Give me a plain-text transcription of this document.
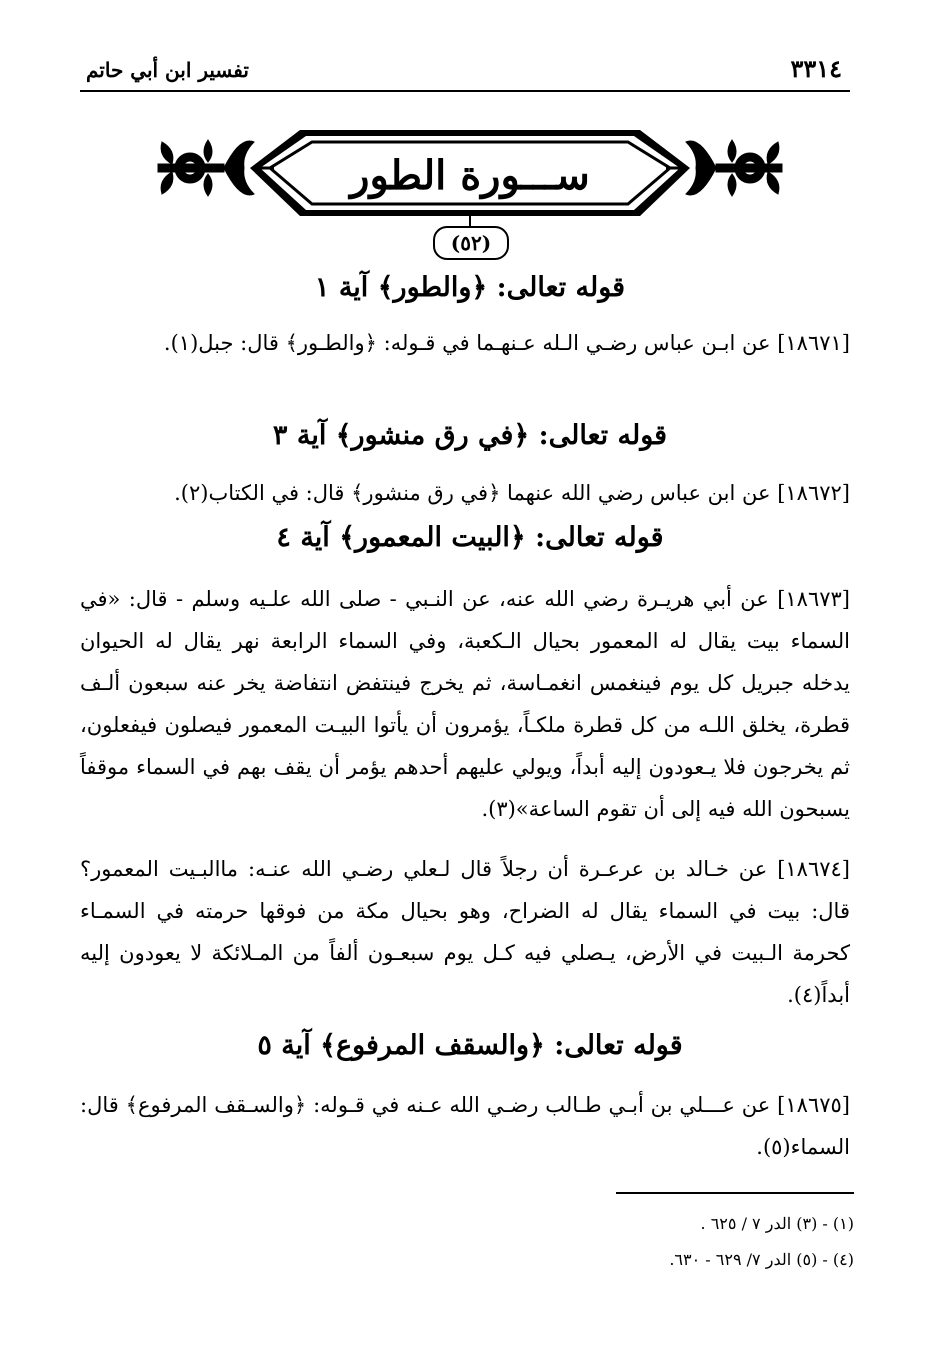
٣٣١٤
تفسير ابن أبي حاتم
ســـورة الطور
(٥٢)
قوله تعالى: ﴿والطور﴾ آية ١
[١٨٦٧١] عن ابـن عباس رضـي الـله عـنهـما في قـوله: ﴿والطـور﴾ قال: جبل(١).
قوله تعالى: ﴿في رق منشور﴾ آية ٣
[١٨٦٧٢] عن ابن عباس رضي الله عنهما ﴿في رق منشور﴾ قال: في الكتاب(٢).
قوله تعالى: ﴿البيت المعمور﴾ آية ٤
[١٨٦٧٣] عن أبي هريـرة رضي الله عنه، عن النـبي - صلى الله علـيه وسلم - قال: «في السماء بيت يقال له المعمور بحيال الـكعبة، وفي السماء الرابعة نهر يقال له الحيوان يدخله جبريل كل يوم فينغمس انغمـاسة، ثم يخرج فينتفض انتفاضة يخر عنه سبعون ألـف قطرة، يخلق اللـه من كل قطرة ملكـاً، يؤمرون أن يأتوا البيـت المعمور فيصلون فيفعلون، ثم يخرجون فلا يـعودون إليه أبداً، ويولي عليهم أحدهم يؤمر أن يقف بهم في السماء موقفاً يسبحون الله فيه إلى أن تقوم الساعة»(٣).
[١٨٦٧٤] عن خـالد بن عرعـرة أن رجلاً قال لـعلي رضـي الله عنـه: ماالبـيت المعمور؟ قال: بيت في السماء يقال له الضراح، وهو بحيال مكة من فوقها حرمته في السمـاء كحرمة الـبيت في الأرض، يـصلي فيه كـل يوم سبعـون ألفاً من المـلائكة لا يعودون إليه أبداً(٤).
قوله تعالى: ﴿والسقف المرفوع﴾ آية ٥
[١٨٦٧٥] عن عـــلي بن أبـي طـالب رضـي الله عـنه في قـوله: ﴿والسـقف المرفوع﴾ قال: السماء(٥).
(١) - (٣) الدر ٧ / ٦٢٥ .
(٤) - (٥) الدر ٧/ ٦٢٩ - ٦٣٠.
